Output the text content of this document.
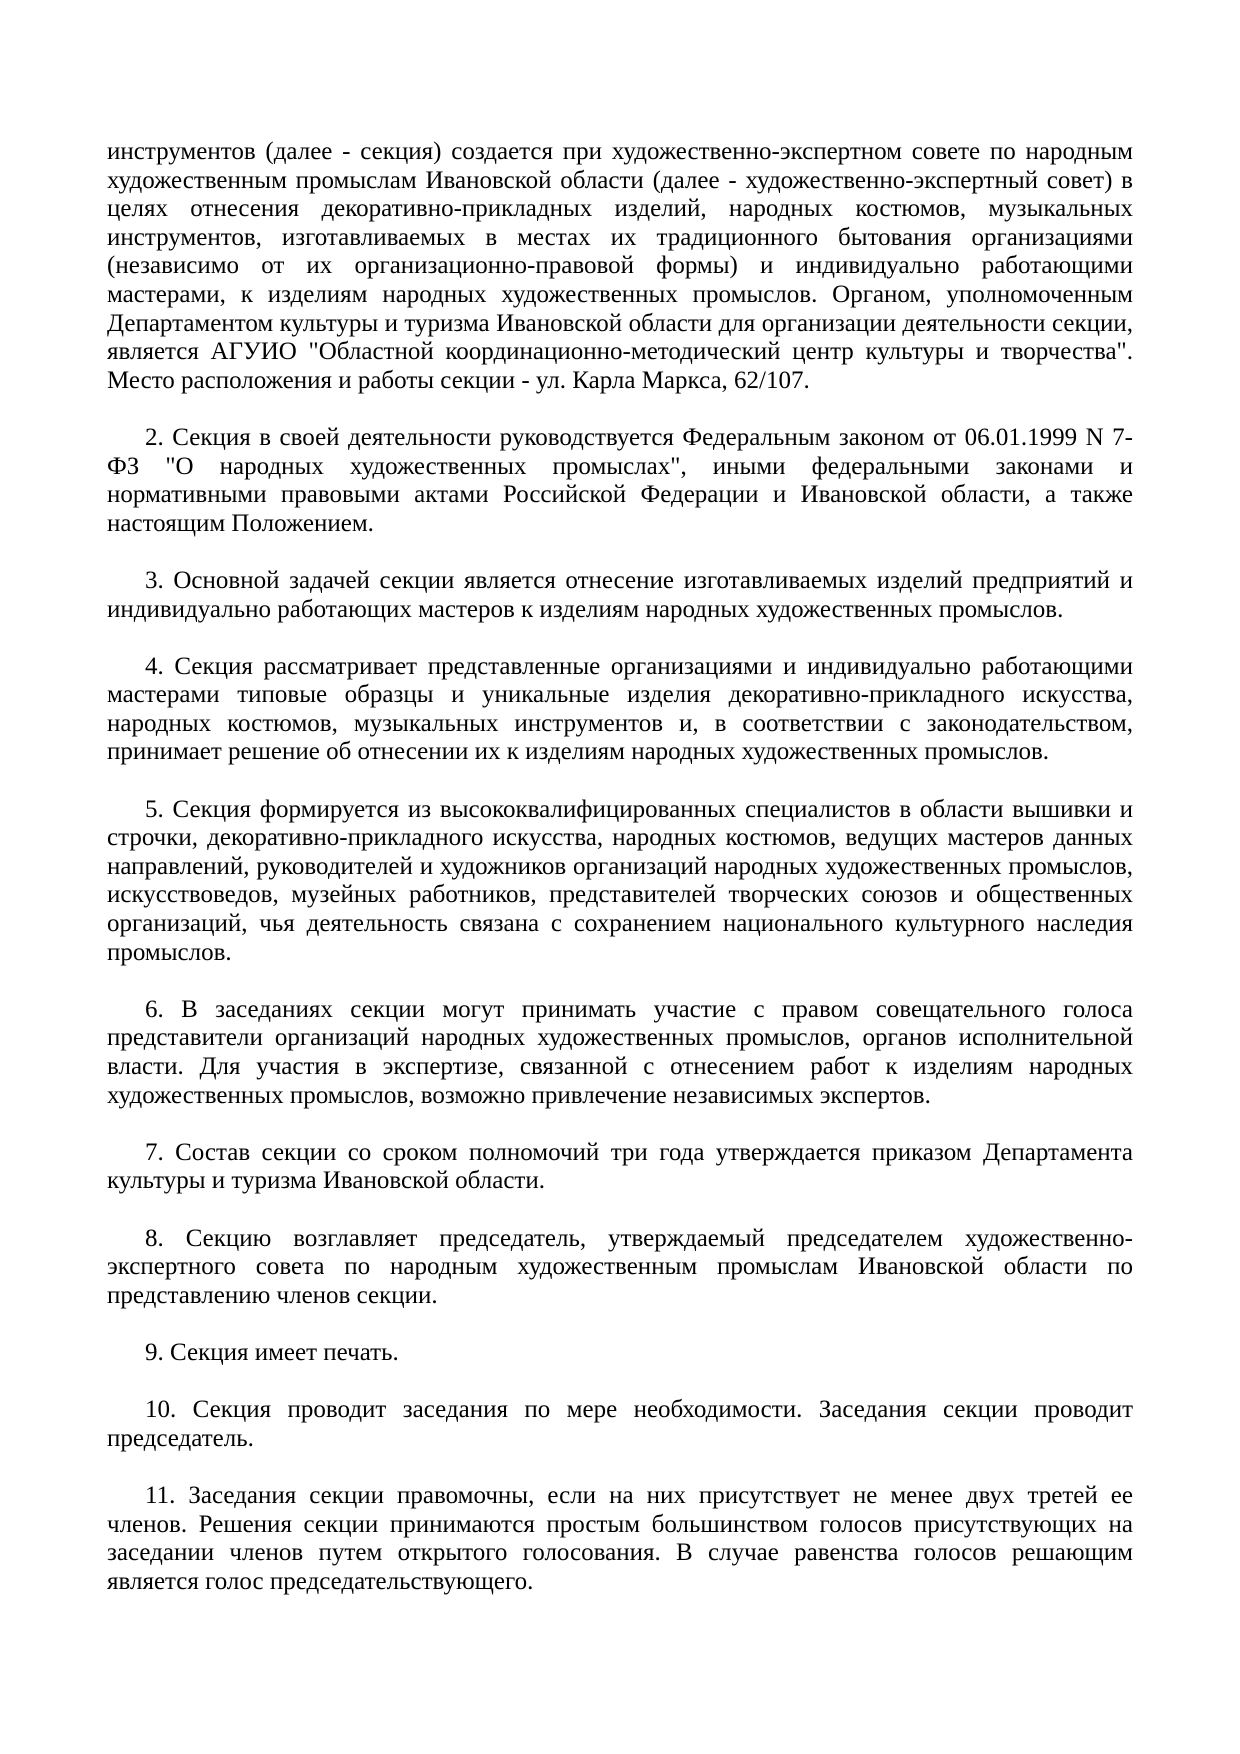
инструментов (далее - секция) создается при художественно-экспертном совете по народным художественным промыслам Ивановской области (далее - художественно-экспертный совет) в целях отнесения декоративно-прикладных изделий, народных костюмов, музыкальных инструментов, изготавливаемых в местах их традиционного бытования организациями (независимо от их организационно-правовой формы) и индивидуально работающими мастерами, к изделиям народных художественных промыслов. Органом, уполномоченным Департаментом культуры и туризма Ивановской области для организации деятельности секции, является АГУИО "Областной координационно-методический центр культуры и творчества". Место расположения и работы секции - ул. Карла Маркса, 62/107.

2. Секция в своей деятельности руководствуется Федеральным законом от 06.01.1999 N 7-ФЗ "О народных художественных промыслах", иными федеральными законами и нормативными правовыми актами Российской Федерации и Ивановской области, а также настоящим Положением.

3. Основной задачей секции является отнесение изготавливаемых изделий предприятий и индивидуально работающих мастеров к изделиям народных художественных промыслов.

4. Секция рассматривает представленные организациями и индивидуально работающими мастерами типовые образцы и уникальные изделия декоративно-прикладного искусства, народных костюмов, музыкальных инструментов и, в соответствии с законодательством, принимает решение об отнесении их к изделиям народных художественных промыслов.

5. Секция формируется из высококвалифицированных специалистов в области вышивки и строчки, декоративно-прикладного искусства, народных костюмов, ведущих мастеров данных направлений, руководителей и художников организаций народных художественных промыслов, искусствоведов, музейных работников, представителей творческих союзов и общественных организаций, чья деятельность связана с сохранением национального культурного наследия промыслов.

6. В заседаниях секции могут принимать участие с правом совещательного голоса представители организаций народных художественных промыслов, органов исполнительной власти. Для участия в экспертизе, связанной с отнесением работ к изделиям народных художественных промыслов, возможно привлечение независимых экспертов.

7. Состав секции со сроком полномочий три года утверждается приказом Департамента культуры и туризма Ивановской области.

8. Секцию возглавляет председатель, утверждаемый председателем художественно-экспертного совета по народным художественным промыслам Ивановской области по представлению членов секции.

9. Секция имеет печать.

10. Секция проводит заседания по мере необходимости. Заседания секции проводит председатель.

11. Заседания секции правомочны, если на них присутствует не менее двух третей ее членов. Решения секции принимаются простым большинством голосов присутствующих на заседании членов путем открытого голосования. В случае равенства голосов решающим является голос председательствующего.
